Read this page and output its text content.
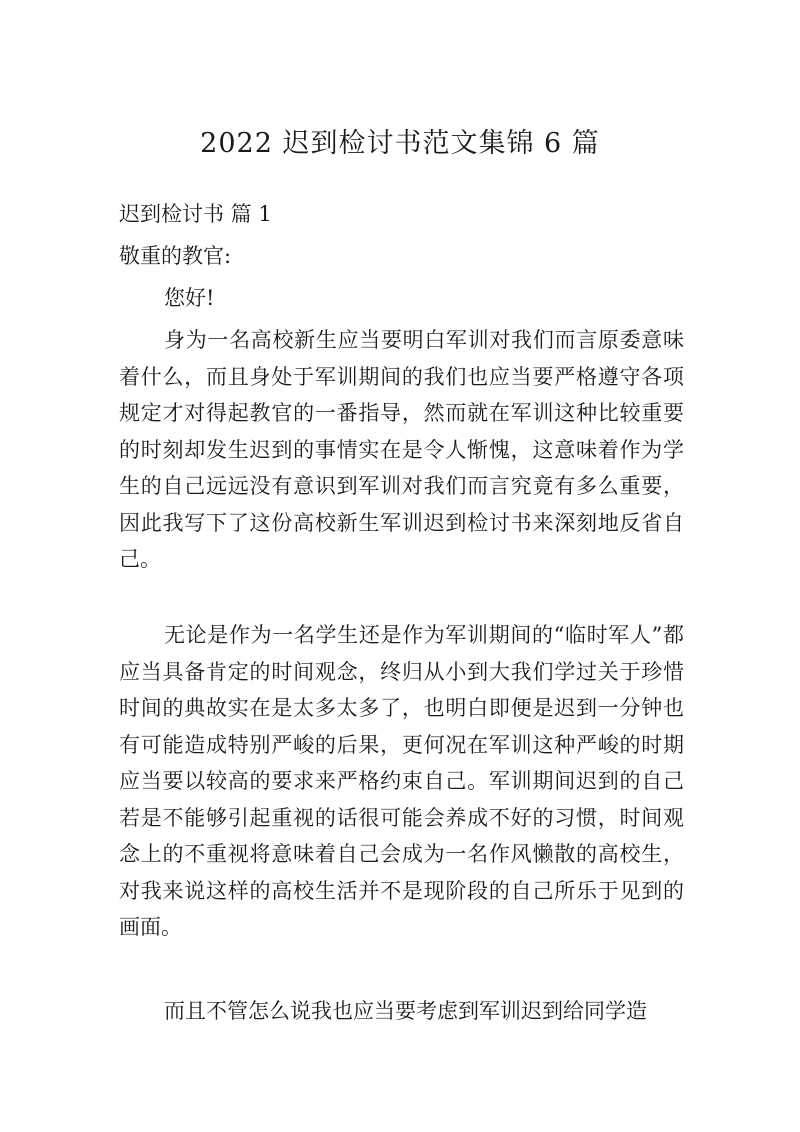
2022 迟到检讨书范文集锦 6 篇
迟到检讨书 篇 1
敬重的教官:
您好!

身为一名高校新生应当要明白军训对我们而言原委意味着什么，而且身处于军训期间的我们也应当要严格遵守各项规定才对得起教官的一番指导，然而就在军训这种比较重要的时刻却发生迟到的事情实在是令人惭愧，这意味着作为学生的自己远远没有意识到军训对我们而言究竟有多么重要，因此我写下了这份高校新生军训迟到检讨书来深刻地反省自己。

无论是作为一名学生还是作为军训期间的“临时军人”都应当具备肯定的时间观念，终归从小到大我们学过关于珍惜时间的典故实在是太多太多了，也明白即便是迟到一分钟也有可能造成特别严峻的后果，更何况在军训这种严峻的时期应当要以较高的要求来严格约束自己。军训期间迟到的自己若是不能够引起重视的话很可能会养成不好的习惯，时间观念上的不重视将意味着自己会成为一名作风懒散的高校生，对我来说这样的高校生活并不是现阶段的自己所乐于见到的画面。

而且不管怎么说我也应当要考虑到军训迟到给同学造
